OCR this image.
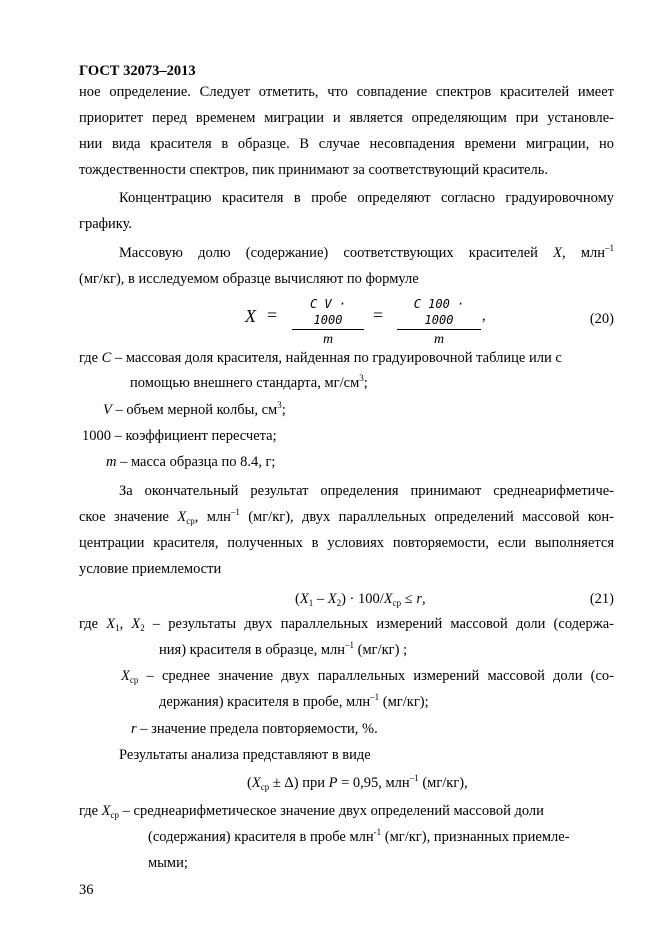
ГОСТ 32073–2013
ное определение. Следует отметить, что совпадение спектров красителей имеет
приоритет перед временем миграции и является определяющим при установле-
нии вида красителя в образце. В случае несовпадения времени миграции, но
тождественности спектров, пик принимают за соответствующий краситель.
Концентрацию красителя в пробе определяют согласно градуировочному
графику.
Массовую долю (содержание) соответствующих красителей X, млн$^{-1}$
(мг/кг), в исследуемом образце вычисляют по формуле
X =
C V · 1000
m
=
C 100 · 1000
m
,	(20)
где C – массовая доля красителя, найденная по градуировочной таблице или с
помощью внешнего стандарта, $мг/см^3$;
V – объем мерной колбы, $см^3$;
1000 – коэффициент пересчета;
m – масса образца по 8.4, г;
За окончательный результат определения принимают среднеарифметиче-
ское значение $X_{ср}$, млн$^{-1}$ (мг/кг), двух параллельных определений массовой кон-
центрации красителя, полученных в условиях повторяемости, если выполняется
условие приемлемости
$(X_1 - X_2) \cdot 100/X_{ср} \le r$,	(21)
где $X_1$, $X_2$ – результаты двух параллельных измерений массовой доли (содержа-
ния) красителя в образце, млн$^{-1}$ (мг/кг) ;
$X_{ср}$ – среднее значение двух параллельных измерений массовой доли (со-
держания) красителя в пробе, млн$^{-1}$ (мг/кг);
r – значение предела повторяемости, %.
Результаты анализа представляют в виде
$(X_{ср} \pm \Delta)$ при P = 0,95, млн$^{-1}$ (мг/кг),
где $X_{ср}$ – среднеарифметическое значение двух определений массовой доли
(содержания) красителя в пробе млн$^{-1}$ (мг/кг), признанных приемле-
мыми;
36
